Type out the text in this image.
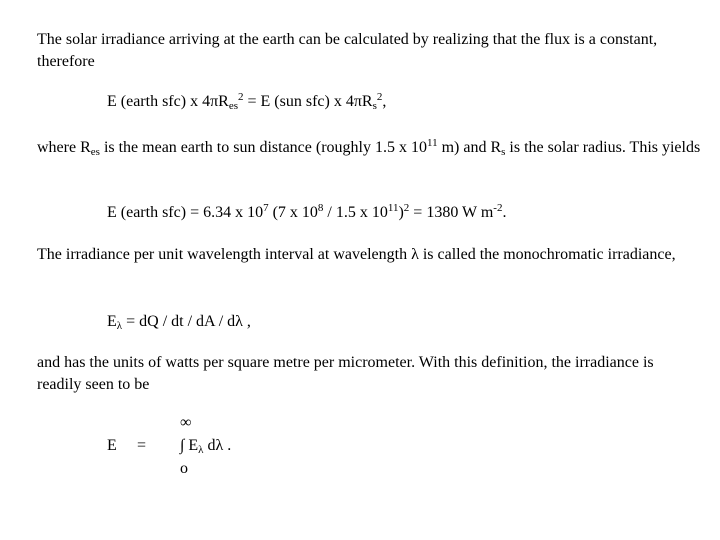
The solar irradiance arriving at the earth can be calculated by realizing that the flux is a constant, therefore

E (earth sfc) x $4\pi R_{es}^2 = E$ (sun sfc) x $4\pi R_s^2$,

where $R_{es}$ is the mean earth to sun distance (roughly 1.5 x $10^{11}$ m) and $R_s$ is the solar radius. This yields

E (earth sfc) = 6.34 x $10^7$ (7 x $10^8 / 1.5$ x $10^{11})^2 = 1380$ W $m^{-2}$.

The irradiance per unit wavelength interval at wavelength λ is called the monochromatic irradiance,

$E_\lambda$ = dQ / dt / dA / dλ ,

and has the units of watts per square metre per micrometer. With this definition, the irradiance is readily seen to be

∞
E = ∫ $E_\lambda$ dλ .
o
